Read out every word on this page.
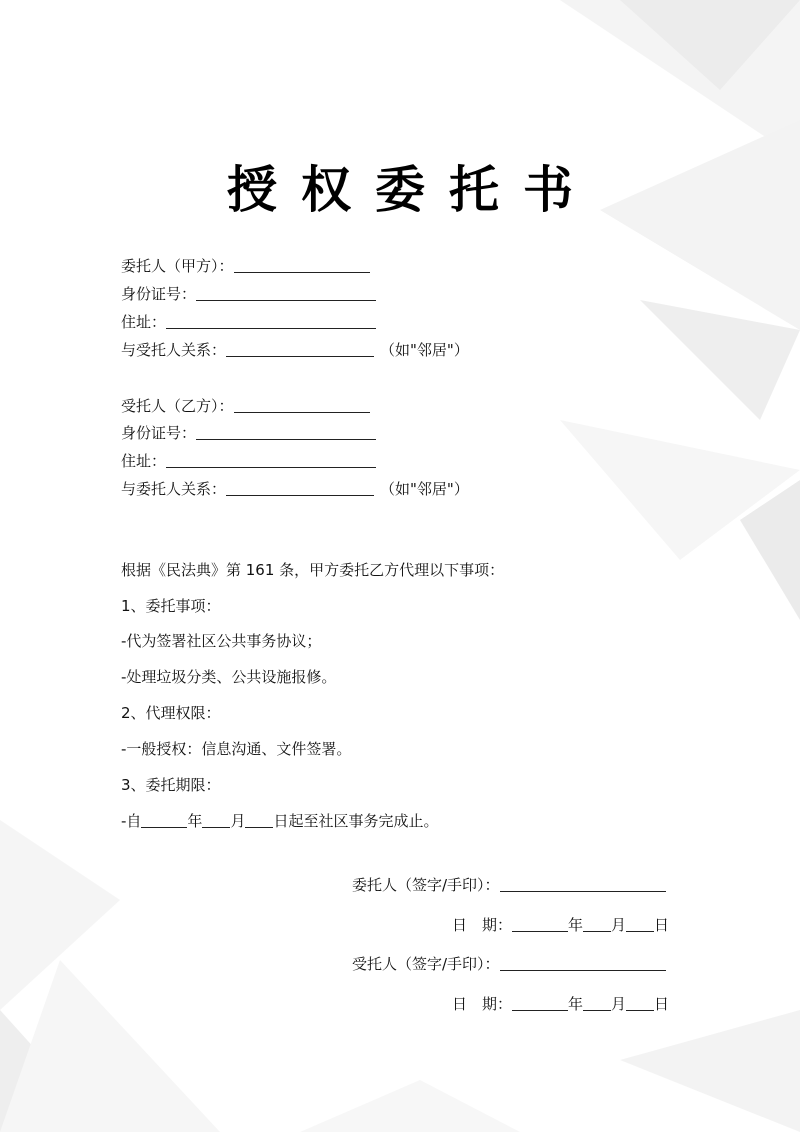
授权委托书
委托人（甲方）：
身份证号：
住址：
与受托人关系：	（如"邻居"）
受托人（乙方）：
身份证号：
住址：
与委托人关系：	（如"邻居"）
根据《民法典》第 161 条，甲方委托乙方代理以下事项：
1、委托事项：
-代为签署社区公共事务协议；
-处理垃圾分类、公共设施报修。
2、代理权限：
-一般授权：信息沟通、文件签署。
3、委托期限：
-自	年 月 日起至社区事务完成止。
委托人（签字/手印）：
日　期：	年 月 日
受托人（签字/手印）：
日　期：	年 月 日
